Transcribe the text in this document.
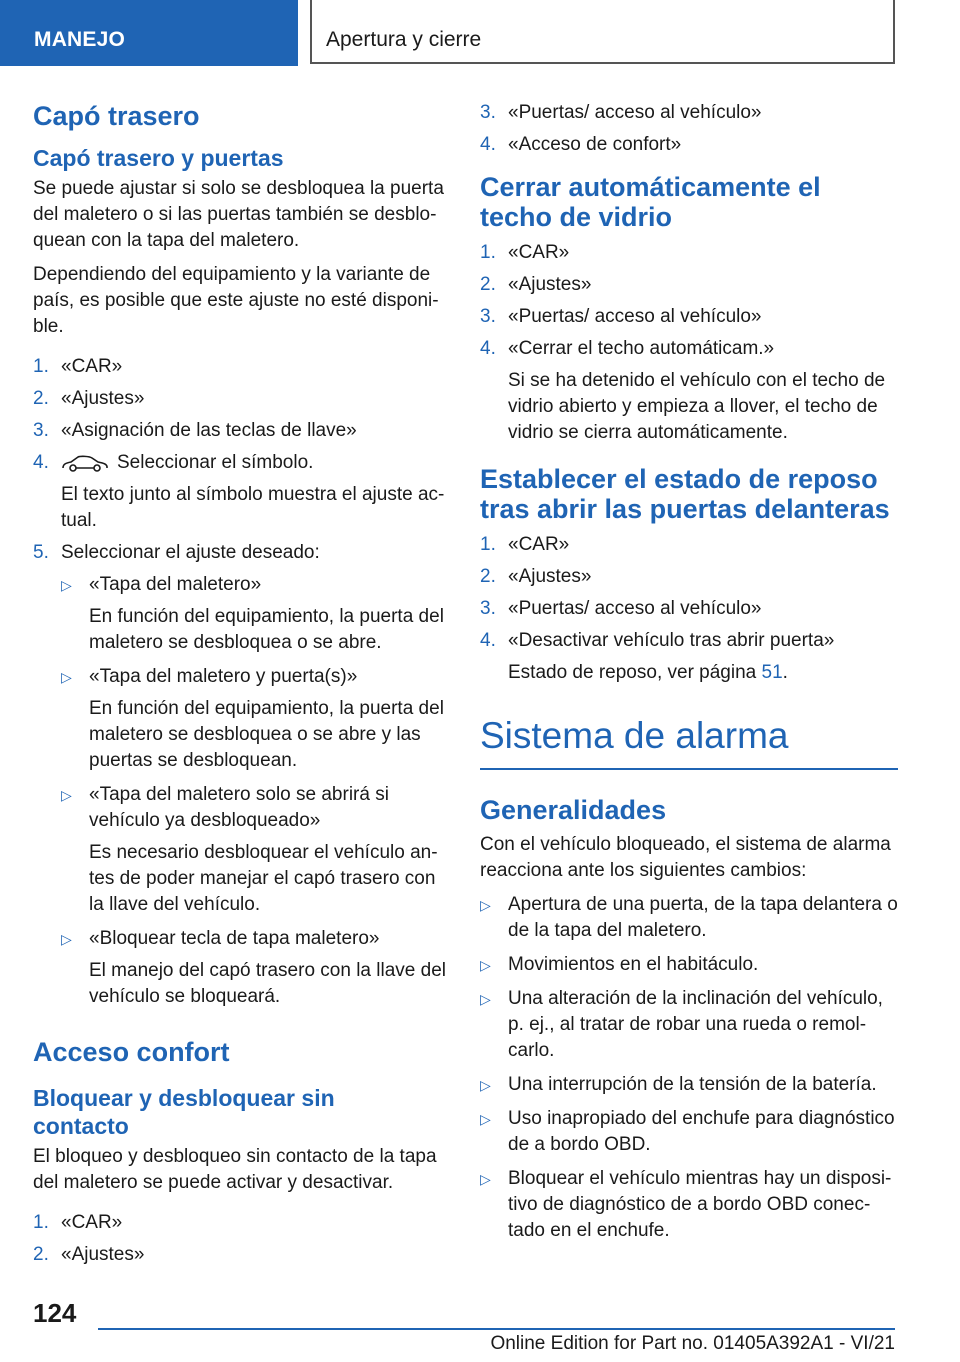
MANEJO	Apertura y cierre
Capó trasero
Capó trasero y puertas

Se puede ajustar si solo se desbloquea la puerta del maletero o si las puertas también se desblo-quean con la tapa del maletero.

Dependiendo del equipamiento y la variante de país, es posible que este ajuste no esté disponi-ble.

1. «CAR»
2. «Ajustes»
3. «Asignación de las teclas de llave»
4.	Seleccionar el símbolo.
El texto junto al símbolo muestra el ajuste ac-tual.
5. Seleccionar el ajuste deseado:
▷ «Tapa del maletero»
En función del equipamiento, la puerta del maletero se desbloquea o se abre.
▷ «Tapa del maletero y puerta(s)»
En función del equipamiento, la puerta del maletero se desbloquea o se abre y las puertas se desbloquean.
▷ «Tapa del maletero solo se abrirá si vehículo ya desbloqueado»
Es necesario desbloquear el vehículo an-tes de poder manejar el capó trasero con la llave del vehículo.
▷ «Bloquear tecla de tapa maletero»
El manejo del capó trasero con la llave del vehículo se bloqueará.
Acceso confort
Bloquear y desbloquear sin contacto

El bloqueo y desbloqueo sin contacto de la tapa del maletero se puede activar y desactivar.

1. «CAR»
2. «Ajustes»
3. «Puertas/ acceso al vehículo»
4. «Acceso de confort»
Cerrar automáticamente el techo de vidrio
1. «CAR»
2. «Ajustes»
3. «Puertas/ acceso al vehículo»
4. «Cerrar el techo automáticam.»
Si se ha detenido el vehículo con el techo de vidrio abierto y empieza a llover, el techo de vidrio se cierra automáticamente.
Establecer el estado de reposo tras abrir las puertas delanteras
1. «CAR»
2. «Ajustes»
3. «Puertas/ acceso al vehículo»
4. «Desactivar vehículo tras abrir puerta»
Estado de reposo, ver página 51.
Sistema de alarma
Generalidades

Con el vehículo bloqueado, el sistema de alarma reacciona ante los siguientes cambios:

▷ Apertura de una puerta, de la tapa delantera o de la tapa del maletero.
▷ Movimientos en el habitáculo.
▷ Una alteración de la inclinación del vehículo, p. ej., al tratar de robar una rueda o remol-carlo.
▷ Una interrupción de la tensión de la batería.
▷ Uso inapropiado del enchufe para diagnóstico de a bordo OBD.
▷ Bloquear el vehículo mientras hay un disposi-tivo de diagnóstico de a bordo OBD conec-tado en el enchufe.
124
Online Edition for Part no. 01405A392A1 - VI/21
